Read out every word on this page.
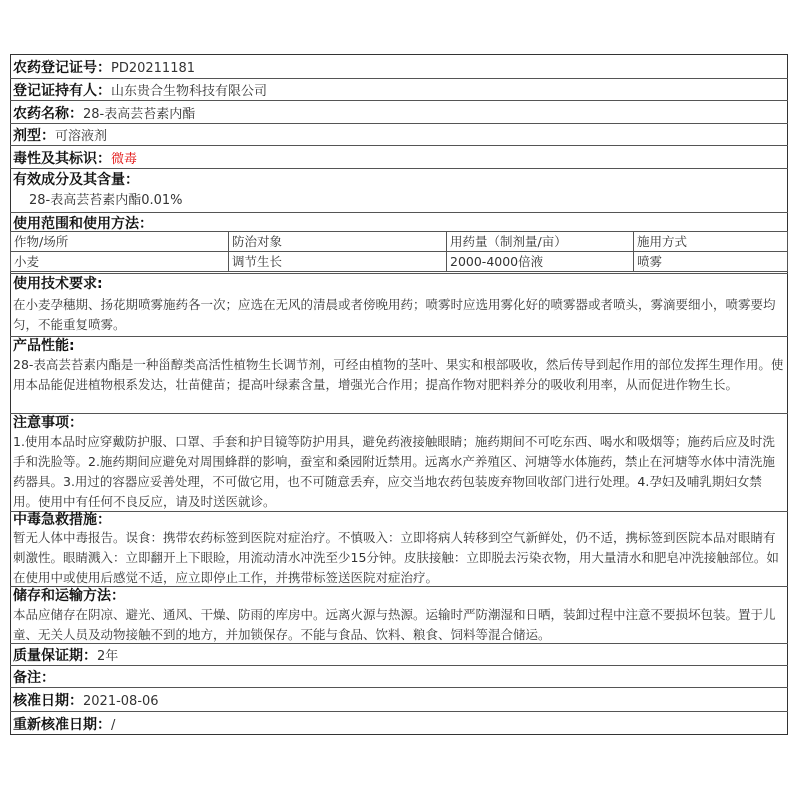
农药登记证号：PD20211181
登记证持有人：山东贵合生物科技有限公司
农药名称：28-表高芸苔素内酯
剂型：可溶液剂
毒性及其标识：微毒
有效成分及其含量：
28-表高芸苔素内酯0.01%
使用范围和使用方法：
作物/场所	防治对象	用药量（制剂量/亩）	施用方式
小麦	调节生长	2000-4000倍液	喷雾
使用技术要求:
在小麦孕穗期、扬花期喷雾施药各一次；应选在无风的清晨或者傍晚用药；喷雾时应选用雾化好的喷雾器或者喷头，雾滴要细小，喷雾要均匀，不能重复喷雾。
产品性能:
28-表高芸苔素内酯是一种甾醇类高活性植物生长调节剂，可经由植物的茎叶、果实和根部吸收，然后传导到起作用的部位发挥生理作用。使用本品能促进植物根系发达，壮苗健苗；提高叶绿素含量，增强光合作用；提高作物对肥料养分的吸收利用率，从而促进作物生长。
注意事项：
1.使用本品时应穿戴防护服、口罩、手套和护目镜等防护用具，避免药液接触眼睛；施药期间不可吃东西、喝水和吸烟等；施药后应及时洗手和洗脸等。2.施药期间应避免对周围蜂群的影响，蚕室和桑园附近禁用。远离水产养殖区、河塘等水体施药，禁止在河塘等水体中清洗施药器具。3.用过的容器应妥善处理，不可做它用，也不可随意丢弃，应交当地农药包装废弃物回收部门进行处理。4.孕妇及哺乳期妇女禁用。使用中有任何不良反应，请及时送医就诊。
中毒急救措施：
暂无人体中毒报告。误食：携带农药标签到医院对症治疗。不慎吸入：立即将病人转移到空气新鲜处，仍不适，携标签到医院本品对眼睛有刺激性。眼睛溅入：立即翻开上下眼睑，用流动清水冲洗至少15分钟。皮肤接触：立即脱去污染衣物，用大量清水和肥皂冲洗接触部位。如在使用中或使用后感觉不适，应立即停止工作，并携带标签送医院对症治疗。
储存和运输方法：
本品应储存在阴凉、避光、通风、干燥、防雨的库房中。远离火源与热源。运输时严防潮湿和日晒，装卸过程中注意不要损坏包装。置于儿童、无关人员及动物接触不到的地方，并加锁保存。不能与食品、饮料、粮食、饲料等混合储运。
质量保证期：2年
备注：
核准日期：2021-08-06
重新核准日期：/
